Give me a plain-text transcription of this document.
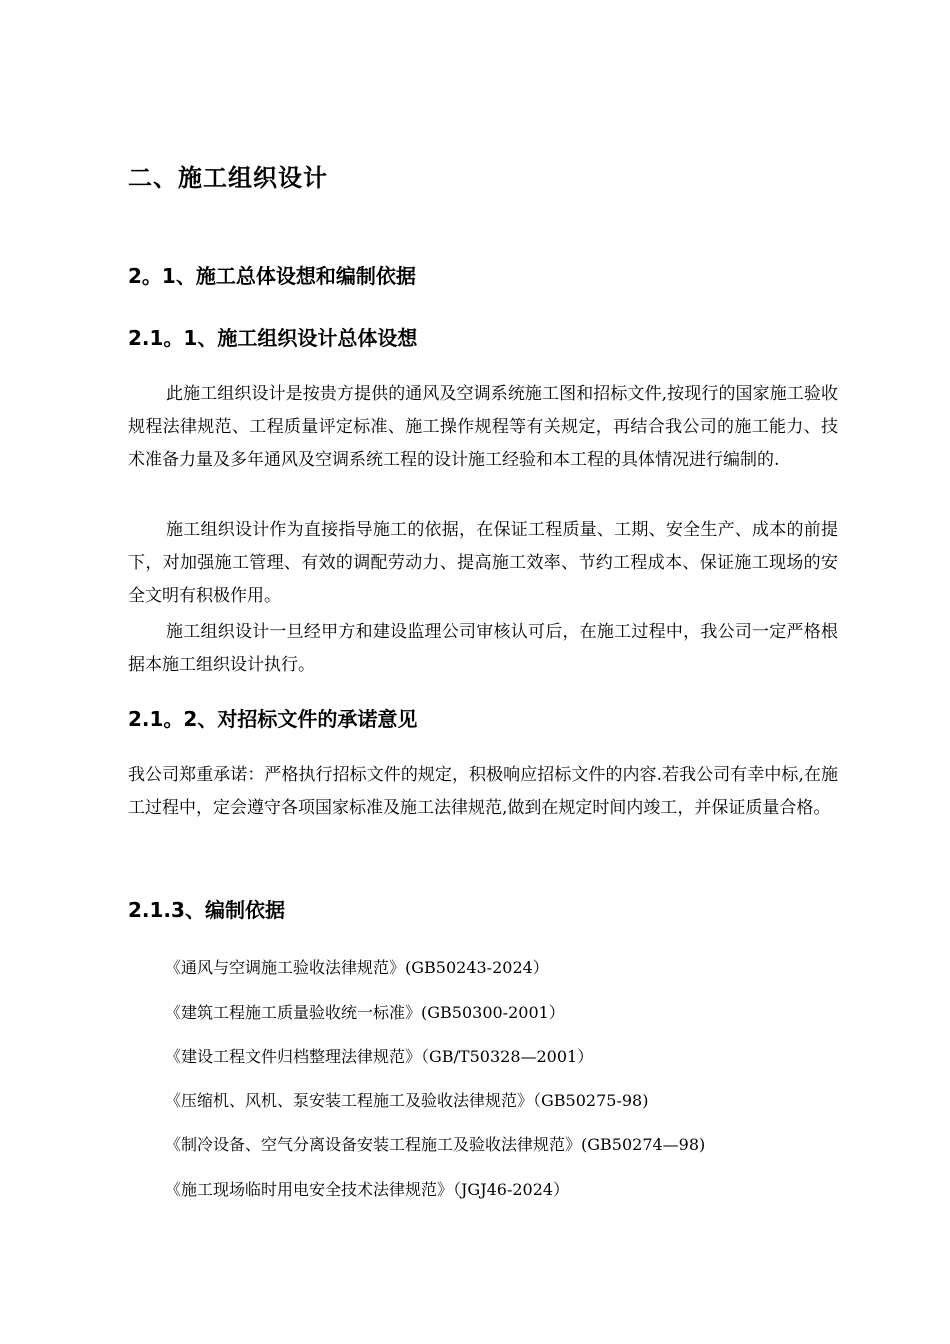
二、施工组织设计
2。1、施工总体设想和编制依据
2.1。1、施工组织设计总体设想
此施工组织设计是按贵方提供的通风及空调系统施工图和招标文件,按现行的国家施工验收规程法律规范、工程质量评定标准、施工操作规程等有关规定，再结合我公司的施工能力、技术准备力量及多年通风及空调系统工程的设计施工经验和本工程的具体情况进行编制的.
施工组织设计作为直接指导施工的依据，在保证工程质量、工期、安全生产、成本的前提下，对加强施工管理、有效的调配劳动力、提高施工效率、节约工程成本、保证施工现场的安全文明有积极作用。
施工组织设计一旦经甲方和建设监理公司审核认可后，在施工过程中，我公司一定严格根据本施工组织设计执行。
2.1。2、对招标文件的承诺意见
我公司郑重承诺：严格执行招标文件的规定，积极响应招标文件的内容.若我公司有幸中标,在施工过程中，定会遵守各项国家标准及施工法律规范,做到在规定时间内竣工，并保证质量合格。
2.1.3、编制依据
《通风与空调施工验收法律规范》(GB50243-2024）
《建筑工程施工质量验收统一标准》(GB50300-2001）
《建设工程文件归档整理法律规范》（GB/T50328—2001）
《压缩机、风机、泵安装工程施工及验收法律规范》（GB50275-98)
《制冷设备、空气分离设备安装工程施工及验收法律规范》(GB50274—98)
《施工现场临时用电安全技术法律规范》（JGJ46-2024）
